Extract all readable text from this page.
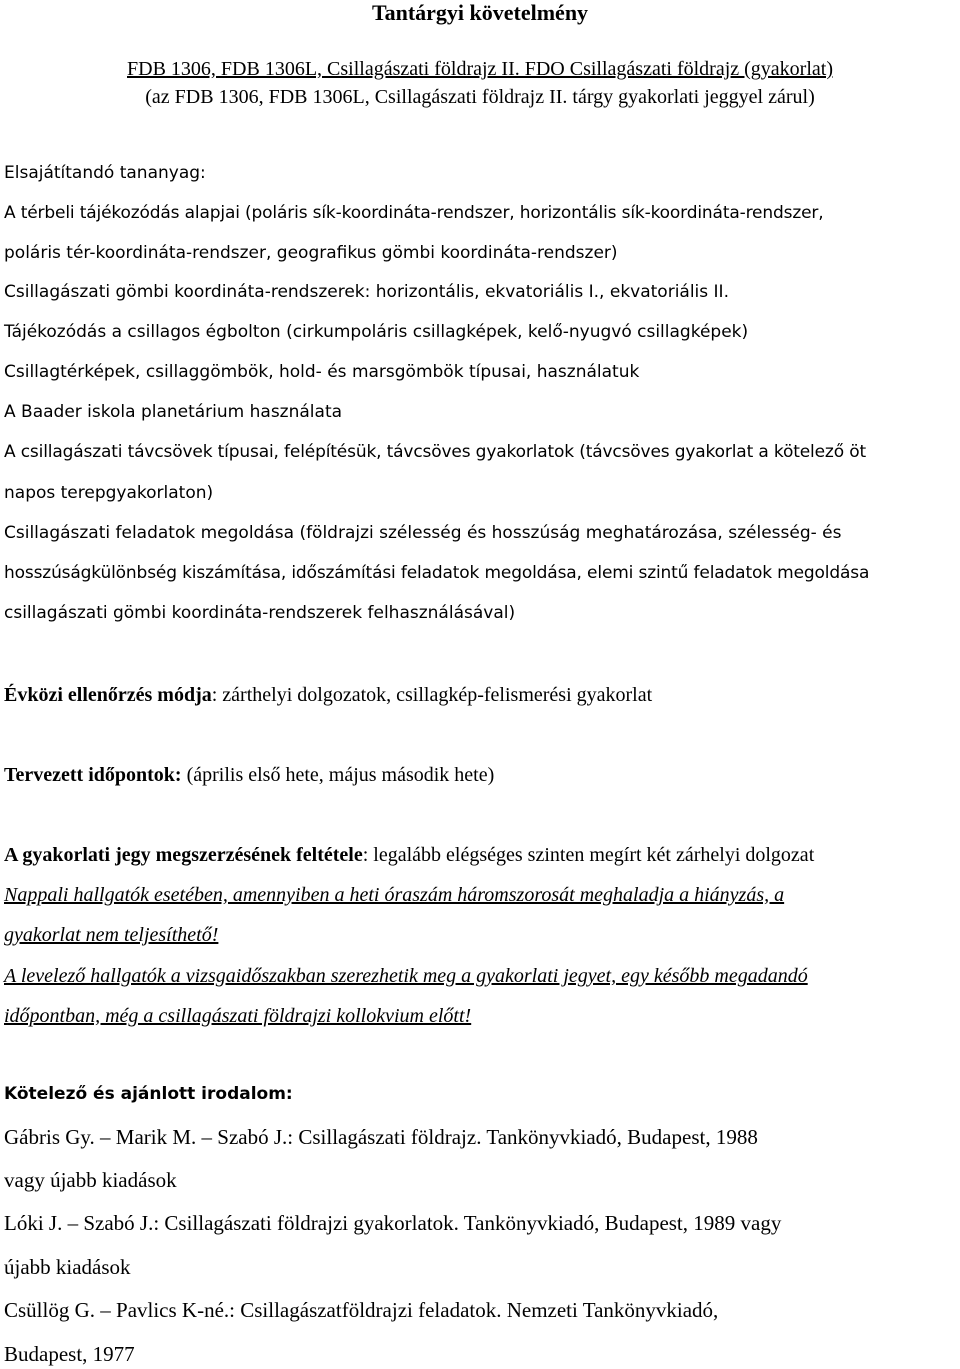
Tantárgyi követelmény
FDB 1306, FDB 1306L, Csillagászati földrajz II. FDO Csillagászati földrajz (gyakorlat)
(az FDB 1306, FDB 1306L, Csillagászati földrajz II. tárgy gyakorlati jeggyel zárul)
Elsajátítandó tananyag:
A térbeli tájékozódás alapjai (poláris sík-koordináta-rendszer, horizontális sík-koordináta-rendszer,
poláris tér-koordináta-rendszer, geografikus gömbi koordináta-rendszer)
Csillagászati gömbi koordináta-rendszerek: horizontális, ekvatoriális I., ekvatoriális II.
Tájékozódás a csillagos égbolton (cirkumpoláris csillagképek, kelő-nyugvó csillagképek)
Csillagtérképek, csillaggömbök, hold- és marsgömbök típusai, használatuk
A Baader iskola planetárium használata
A csillagászati távcsövek típusai, felépítésük, távcsöves gyakorlatok (távcsöves gyakorlat a kötelező öt
napos terepgyakorlaton)
Csillagászati feladatok megoldása (földrajzi szélesség és hosszúság meghatározása, szélesség- és
hosszúságkülönbség kiszámítása, időszámítási feladatok megoldása, elemi szintű feladatok megoldása
csillagászati gömbi koordináta-rendszerek felhasználásával)
Évközi ellenőrzés módja: zárthelyi dolgozatok, csillagkép-felismerési gyakorlat
Tervezett időpontok: (április első hete, május második hete)
A gyakorlati jegy megszerzésének feltétele: legalább elégséges szinten megírt két zárhelyi dolgozat
Nappali hallgatók esetében, amennyiben a heti óraszám háromszorosát meghaladja a hiányzás, a
gyakorlat nem teljesíthető!
A levelező hallgatók a vizsgaidőszakban szerezhetik meg a gyakorlati jegyet, egy később megadandó
időpontban, még a csillagászati földrajzi kollokvium előtt!
Kötelező és ajánlott irodalom:
Gábris Gy. – Marik M. – Szabó J.: Csillagászati földrajz. Tankönyvkiadó, Budapest, 1988
vagy újabb kiadások
Lóki J. – Szabó J.: Csillagászati földrajzi gyakorlatok. Tankönyvkiadó, Budapest, 1989 vagy
újabb kiadások
Csüllög G. – Pavlics K-né.: Csillagászatföldrajzi feladatok. Nemzeti Tankönyvkiadó,
Budapest, 1977
